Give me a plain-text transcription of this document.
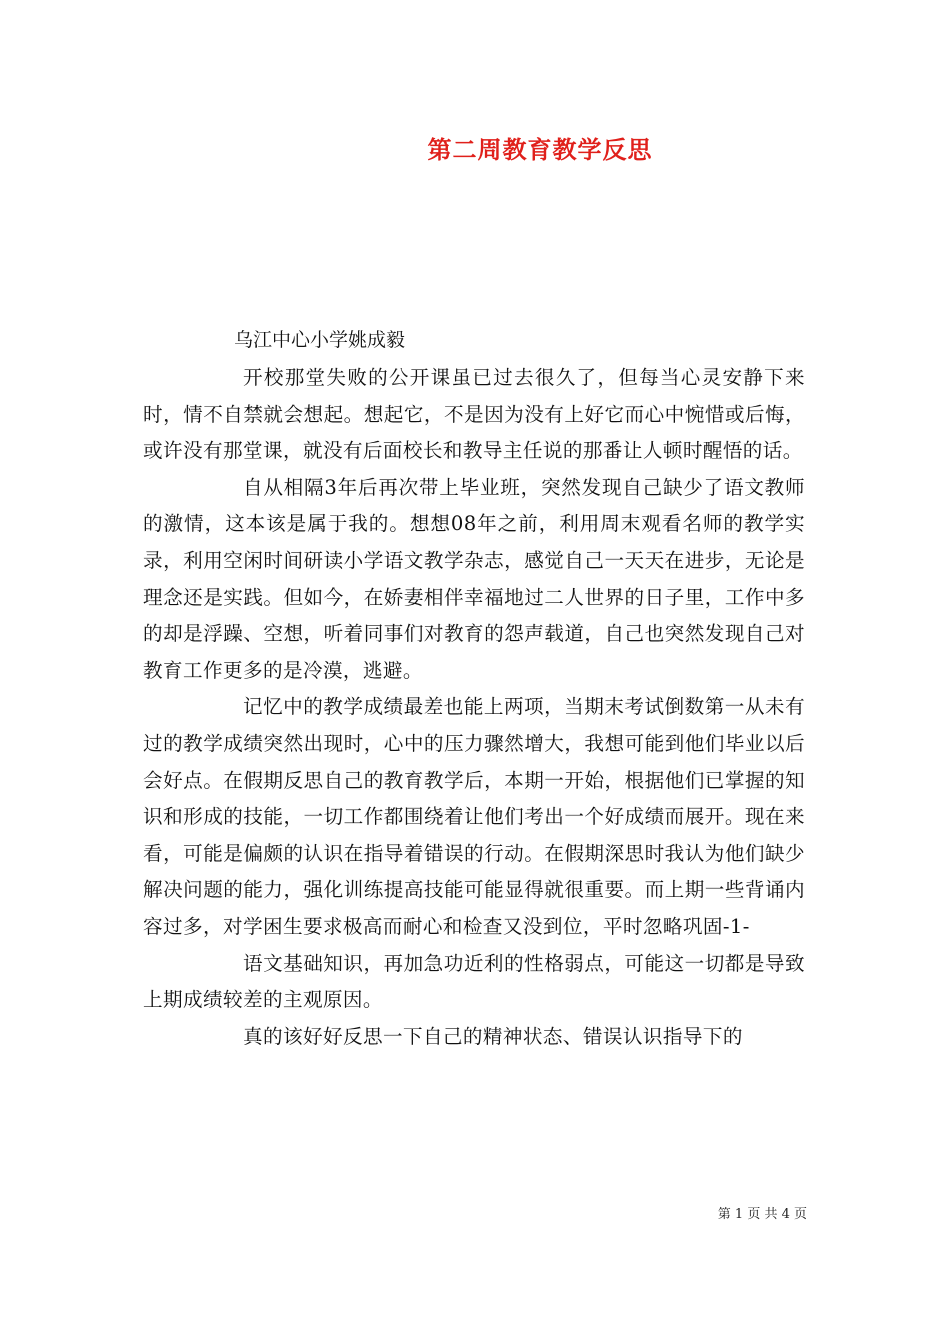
第二周教育教学反思
乌江中心小学姚成毅

开校那堂失败的公开课虽已过去很久了，但每当心灵安静下来时，情不自禁就会想起。想起它，不是因为没有上好它而心中惋惜或后悔，或许没有那堂课，就没有后面校长和教导主任说的那番让人顿时醒悟的话。

自从相隔3年后再次带上毕业班，突然发现自己缺少了语文教师的激情，这本该是属于我的。想想08年之前，利用周末观看名师的教学实录，利用空闲时间研读小学语文教学杂志，感觉自己一天天在进步，无论是理念还是实践。但如今，在娇妻相伴幸福地过二人世界的日子里，工作中多的却是浮躁、空想，听着同事们对教育的怨声载道，自己也突然发现自己对教育工作更多的是冷漠，逃避。

记忆中的教学成绩最差也能上两项，当期末考试倒数第一从未有过的教学成绩突然出现时，心中的压力骤然增大，我想可能到他们毕业以后会好点。在假期反思自己的教育教学后，本期一开始，根据他们已掌握的知识和形成的技能，一切工作都围绕着让他们考出一个好成绩而展开。现在来看，可能是偏颇的认识在指导着错误的行动。在假期深思时我认为他们缺少解决问题的能力，强化训练提高技能可能显得就很重要。而上期一些背诵内容过多，对学困生要求极高而耐心和检查又没到位，平时忽略巩固-1-

语文基础知识，再加急功近利的性格弱点，可能这一切都是导致上期成绩较差的主观原因。

真的该好好反思一下自己的精神状态、错误认识指导下的

第 1 页 共 4 页
